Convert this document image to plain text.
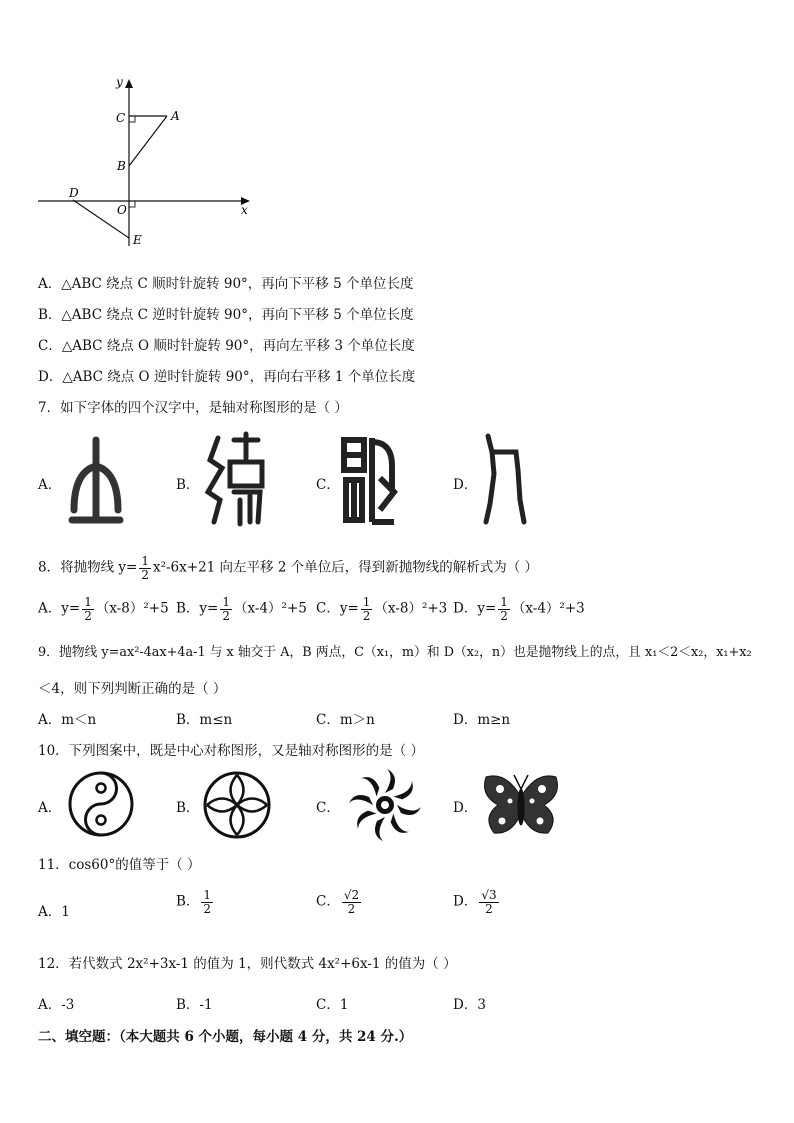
y
x
C	A
B
D
O
E
A．△ABC 绕点 C 顺时针旋转 90°，再向下平移 5 个单位长度
B．△ABC 绕点 C 逆时针旋转 90°，再向下平移 5 个单位长度
C．△ABC 绕点 O 顺时针旋转 90°，再向左平移 3 个单位长度
D．△ABC 绕点 O 逆时针旋转 90°，再向右平移 1 个单位长度
7．如下字体的四个汉字中，是轴对称图形的是（ ）
A．	B．	C．	D．
8．将抛物线 $y= \frac{1}{2} x^2-6x+21$ 向左平移 2 个单位后，得到新抛物线的解析式为（ ）
A．$y= \frac{1}{2} (x-8)^2+5$ B．$y= \frac{1}{2} (x-4)^2+5$ C．$y= \frac{1}{2} (x-8)^2+3$ D．$y= \frac{1}{2} (x-4)^2+3$
9．抛物线 y=ax²-4ax+4a-1 与 x 轴交于 A，B 两点，C（x₁，m）和 D（x₂，n）也是抛物线上的点，且 x₁＜2＜x₂，x₁+x₂
＜4，则下列判断正确的是（ ）
A．m＜n	B．m≤n	C．m＞n	D．m≥n
10．下列图案中，既是中心对称图形，又是轴对称图形的是（ ）
A．	B．	C．	D．
11．cos60°的值等于（ ）
A．1
B． $\frac{1}{2}$	C． $\frac{√2}{2}$	D． $\frac{√3}{2}$
12．若代数式 2x²+3x-1 的值为 1，则代数式 4x²+6x-1 的值为（ ）
A．-3	B．-1	C．1	D．3
二、填空题：（本大题共 6 个小题，每小题 4 分，共 24 分.）
